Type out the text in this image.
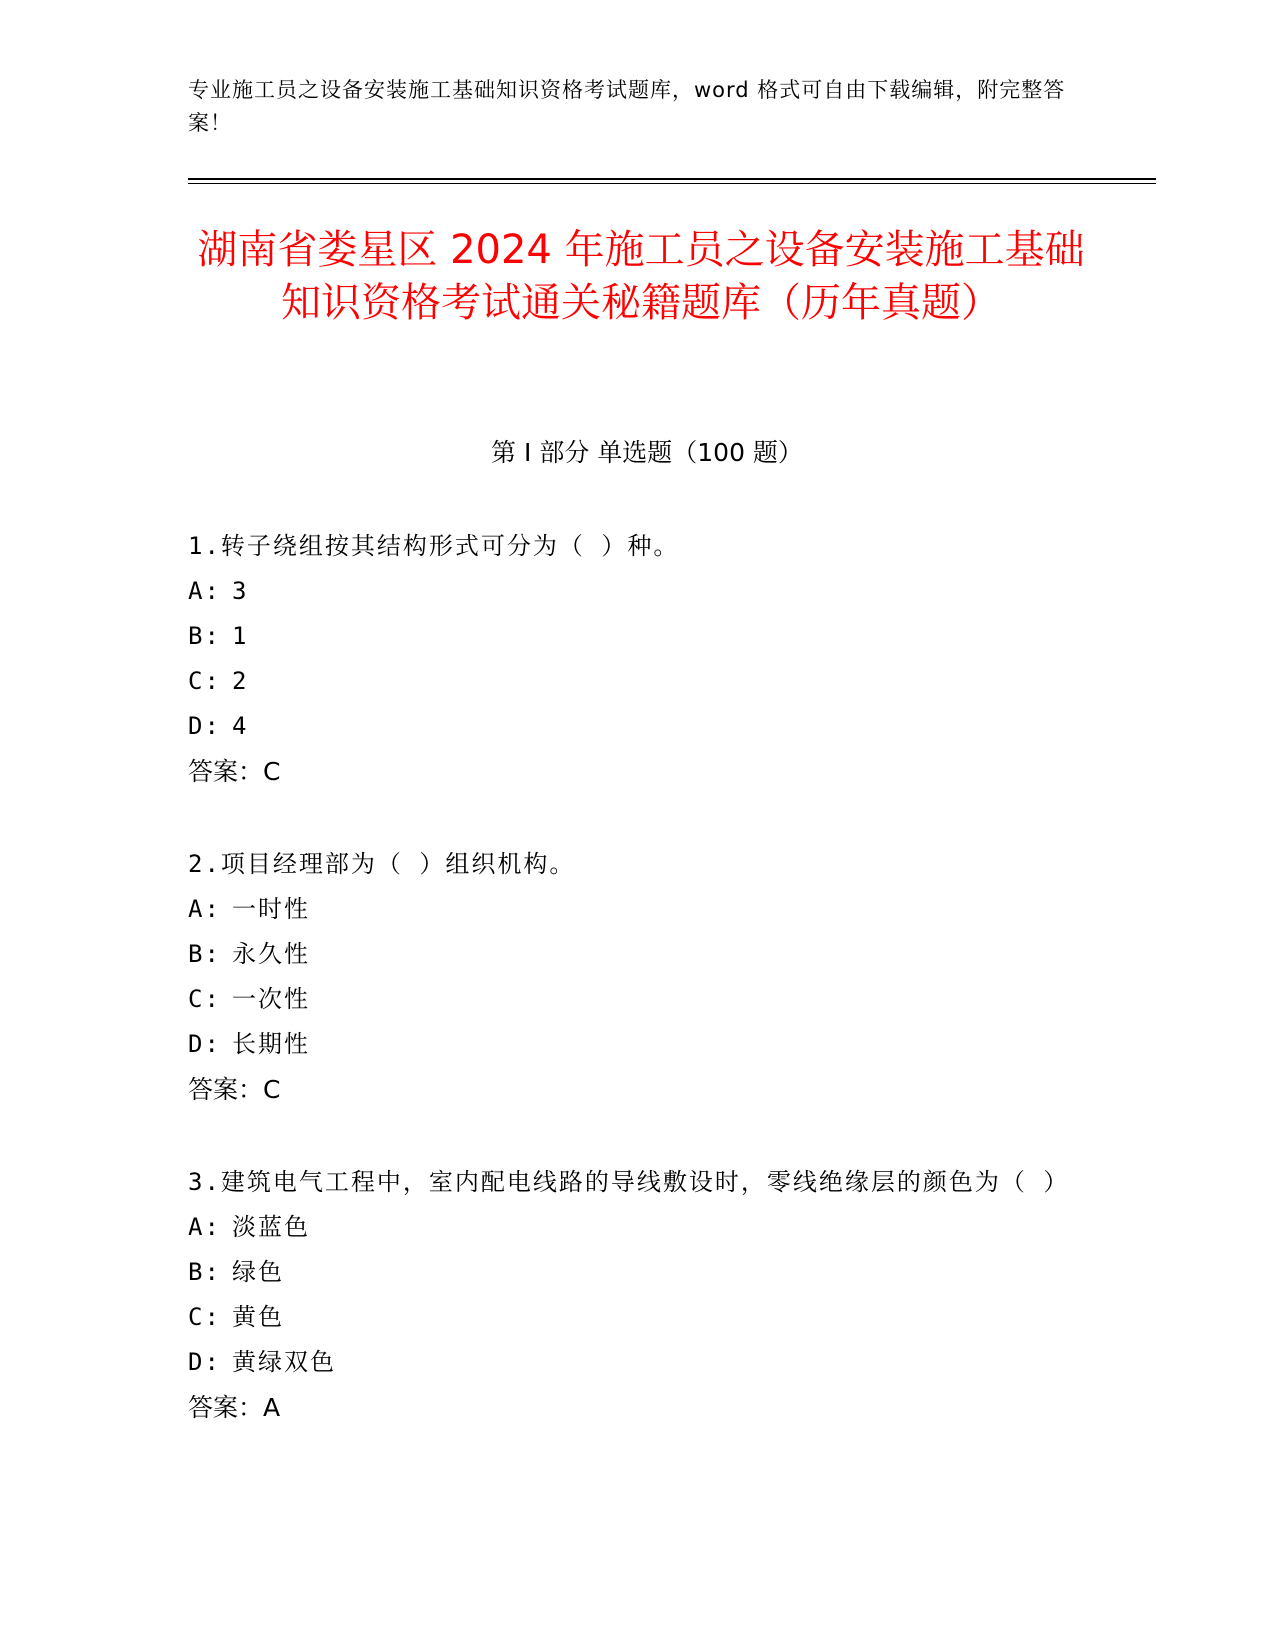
专业施工员之设备安装施工基础知识资格考试题库，word 格式可自由下载编辑，附完整答案！
湖南省娄星区 2024 年施工员之设备安装施工基础知识资格考试通关秘籍题库（历年真题）
第 I 部分 单选题（100 题）
1.转子绕组按其结构形式可分为（ ）种。
A: 3
B: 1
C: 2
D: 4
答案：C
2.项目经理部为（ ）组织机构。
A: 一时性
B: 永久性
C: 一次性
D: 长期性
答案：C
3.建筑电气工程中，室内配电线路的导线敷设时，零线绝缘层的颜色为（ ）
A: 淡蓝色
B: 绿色
C: 黄色
D: 黄绿双色
答案：A
